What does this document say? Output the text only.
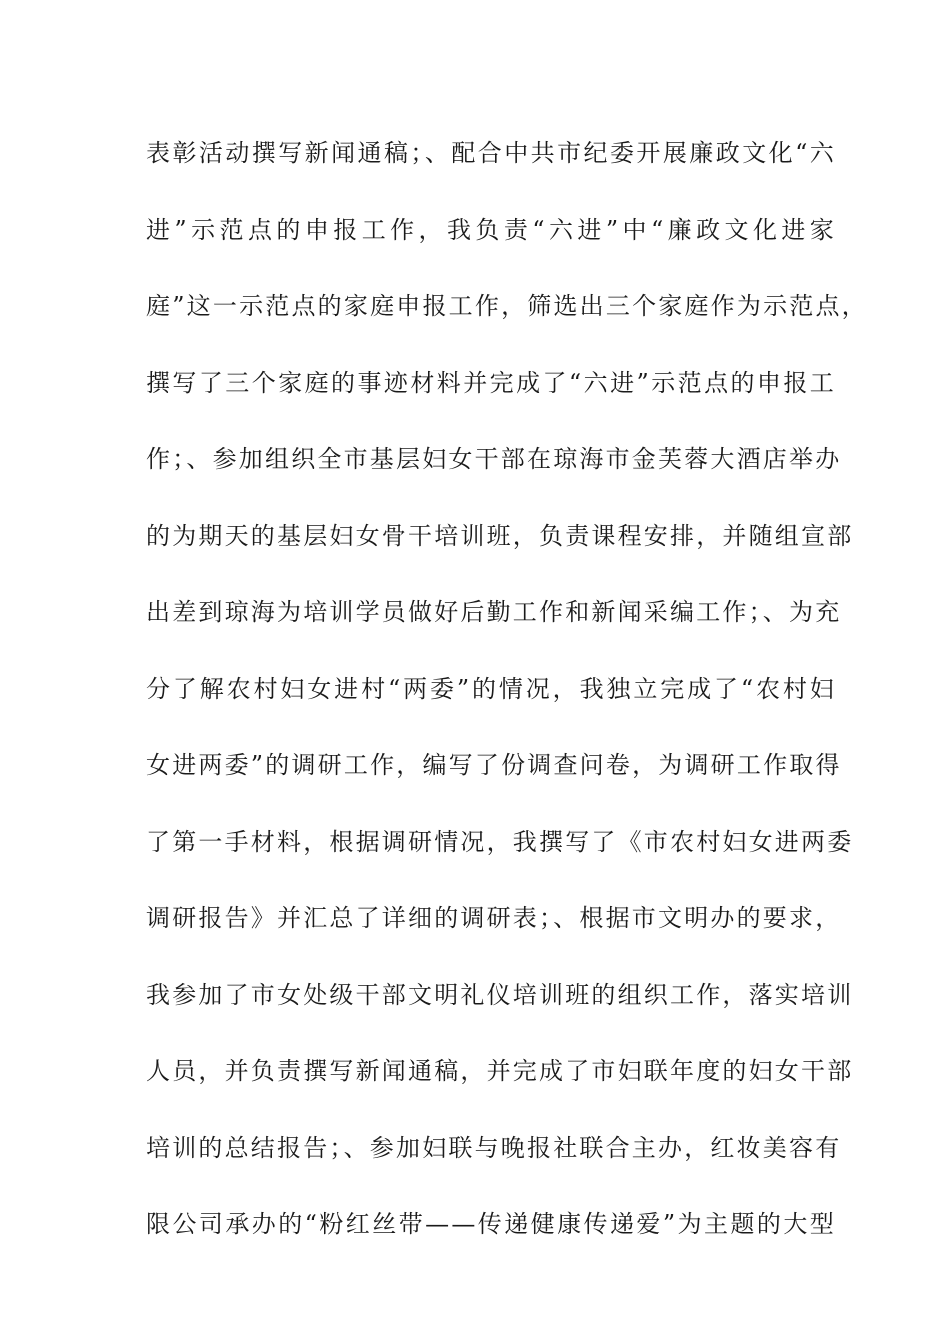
表彰活动撰写新闻通稿；、配合中共市纪委开展廉政文化“六
进”示范点的申报工作，我负责“六进”中“廉政文化进家
庭”这一示范点的家庭申报工作，筛选出三个家庭作为示范点，
撰写了三个家庭的事迹材料并完成了“六进”示范点的申报工
作；、参加组织全市基层妇女干部在琼海市金芙蓉大酒店举办
的为期天的基层妇女骨干培训班，负责课程安排，并随组宣部
出差到琼海为培训学员做好后勤工作和新闻采编工作；、为充
分了解农村妇女进村“两委”的情况，我独立完成了“农村妇
女进两委”的调研工作，编写了份调查问卷，为调研工作取得
了第一手材料，根据调研情况，我撰写了《市农村妇女进两委
调研报告》并汇总了详细的调研表；、根据市文明办的要求，
我参加了市女处级干部文明礼仪培训班的组织工作，落实培训
人员，并负责撰写新闻通稿，并完成了市妇联年度的妇女干部
培训的总结报告；、参加妇联与晚报社联合主办，红妆美容有
限公司承办的“粉红丝带——传递健康传递爱”为主题的大型
